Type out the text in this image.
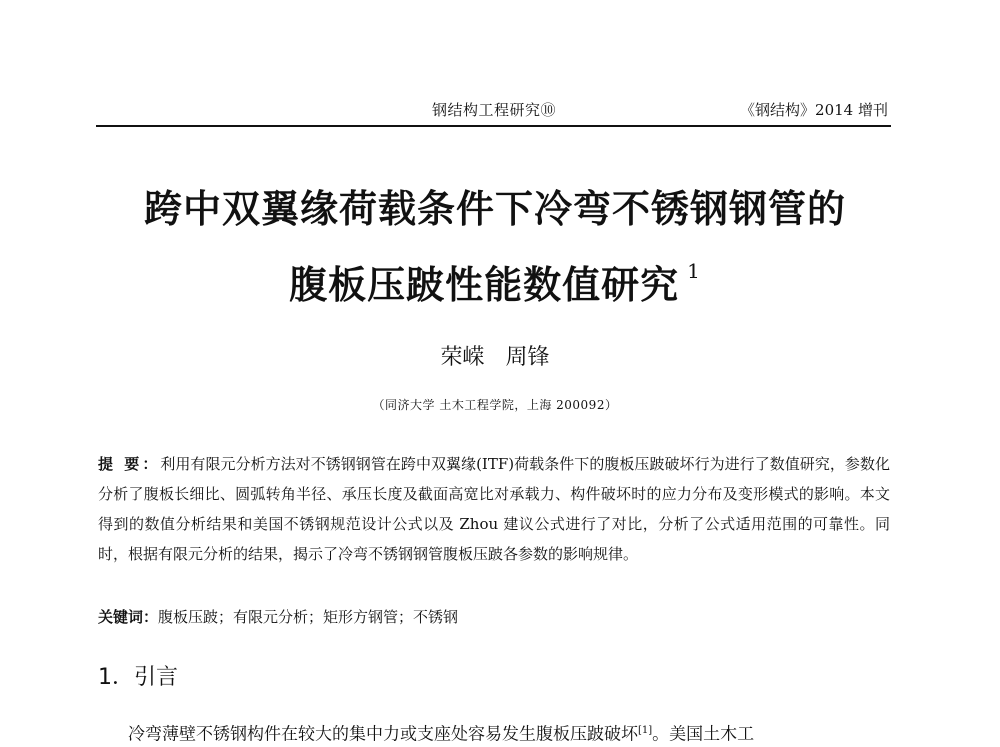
钢结构工程研究⑩	《钢结构》2014 增刊
跨中双翼缘荷载条件下冷弯不锈钢钢管的
腹板压跛性能数值研究 $^1$
荣嵘 周锋
（同济大学 土木工程学院，上海 200092）
提 要：利用有限元分析方法对不锈钢钢管在跨中双翼缘(ITF)荷载条件下的腹板压跛破坏行为进行了数值研究，参数化分析了腹板长细比、圆弧转角半径、承压长度及截面高宽比对承载力、构件破坏时的应力分布及变形模式的影响。本文得到的数值分析结果和美国不锈钢规范设计公式以及 Zhou 建议公式进行了对比，分析了公式适用范围的可靠性。同时，根据有限元分析的结果，揭示了冷弯不锈钢钢管腹板压跛各参数的影响规律。
关键词：腹板压跛；有限元分析；矩形方钢管；不锈钢
1．引言
冷弯薄壁不锈钢构件在较大的集中力或支座处容易发生腹板压跛破坏[1]。美国土木工
